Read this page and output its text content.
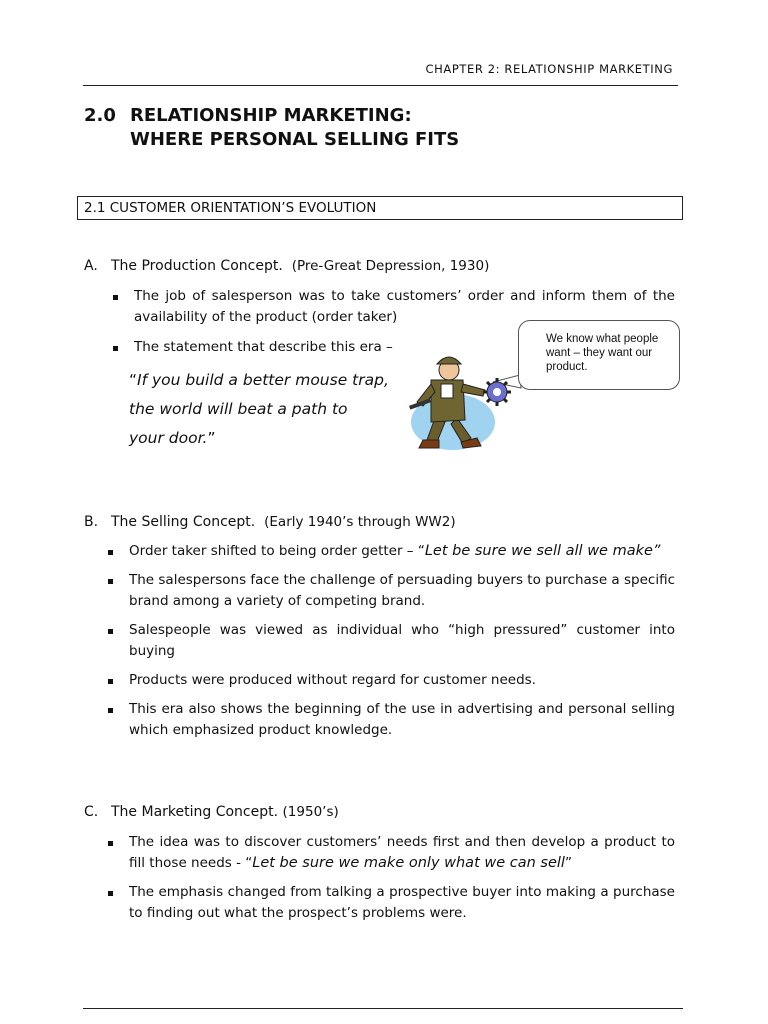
CHAPTER 2: RELATIONSHIP MARKETING
2.0 RELATIONSHIP MARKETING:
WHERE PERSONAL SELLING FITS
2.1 CUSTOMER ORIENTATION’S EVOLUTION
A. The Production Concept. (Pre-Great Depression, 1930)
The job of salesperson was to take customers’ order and inform them of the availability of the product (order taker)
The statement that describe this era –
“If you build a better mouse trap,
the world will beat a path to
your door.”
We know what people want – they want our product.
B. The Selling Concept. (Early 1940’s through WW2)
Order taker shifted to being order getter – “Let be sure we sell all we make”
The salespersons face the challenge of persuading buyers to purchase a specific brand among a variety of competing brand.
Salespeople was viewed as individual who “high pressured” customer into buying
Products were produced without regard for customer needs.
This era also shows the beginning of the use in advertising and personal selling which emphasized product knowledge.
C. The Marketing Concept. (1950’s)
The idea was to discover customers’ needs first and then develop a product to fill those needs - “Let be sure we make only what we can sell”
The emphasis changed from talking a prospective buyer into making a purchase to finding out what the prospect’s problems were.
